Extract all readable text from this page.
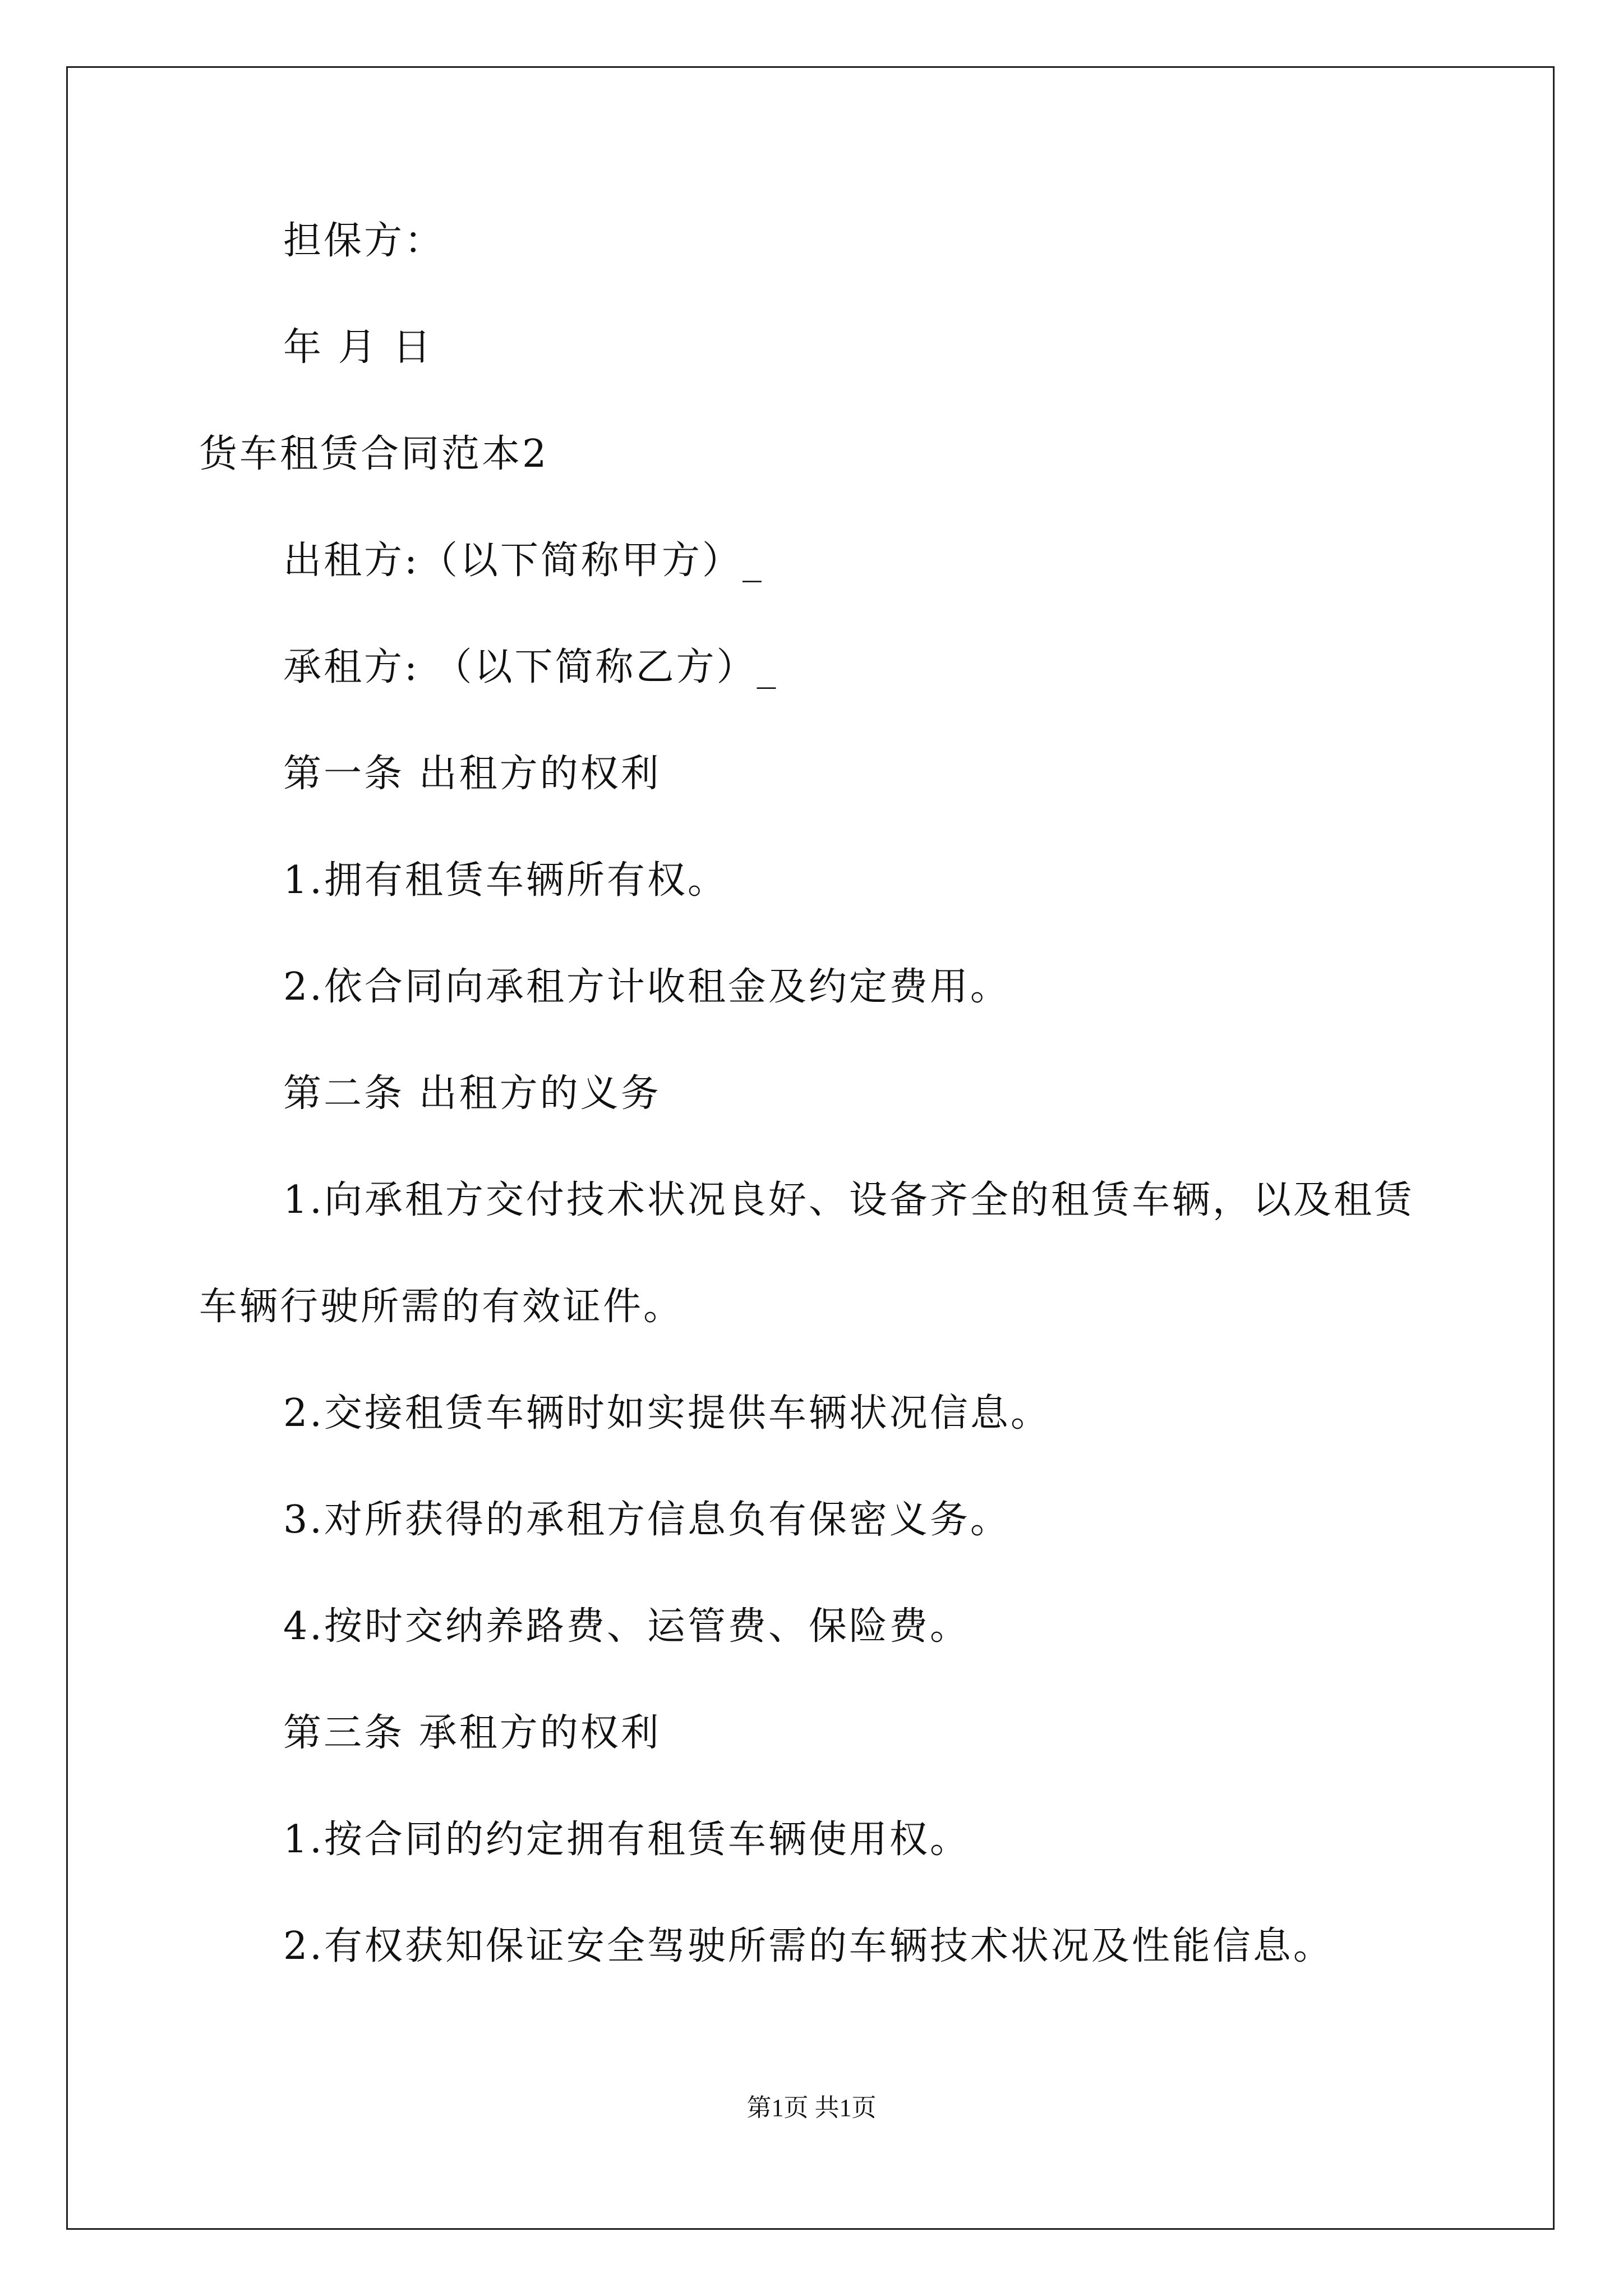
担保方：
年 月 日
货车租赁合同范本2
出租方:（以下简称甲方）_
承租方: （以下简称乙方）_
第一条 出租方的权利
1.拥有租赁车辆所有权。
2.依合同向承租方计收租金及约定费用。
第二条 出租方的义务
1.向承租方交付技术状况良好、设备齐全的租赁车辆，以及租赁
车辆行驶所需的有效证件。
2.交接租赁车辆时如实提供车辆状况信息。
3.对所获得的承租方信息负有保密义务。
4.按时交纳养路费、运管费、保险费。
第三条 承租方的权利
1.按合同的约定拥有租赁车辆使用权。
2.有权获知保证安全驾驶所需的车辆技术状况及性能信息。
第1页 共1页
